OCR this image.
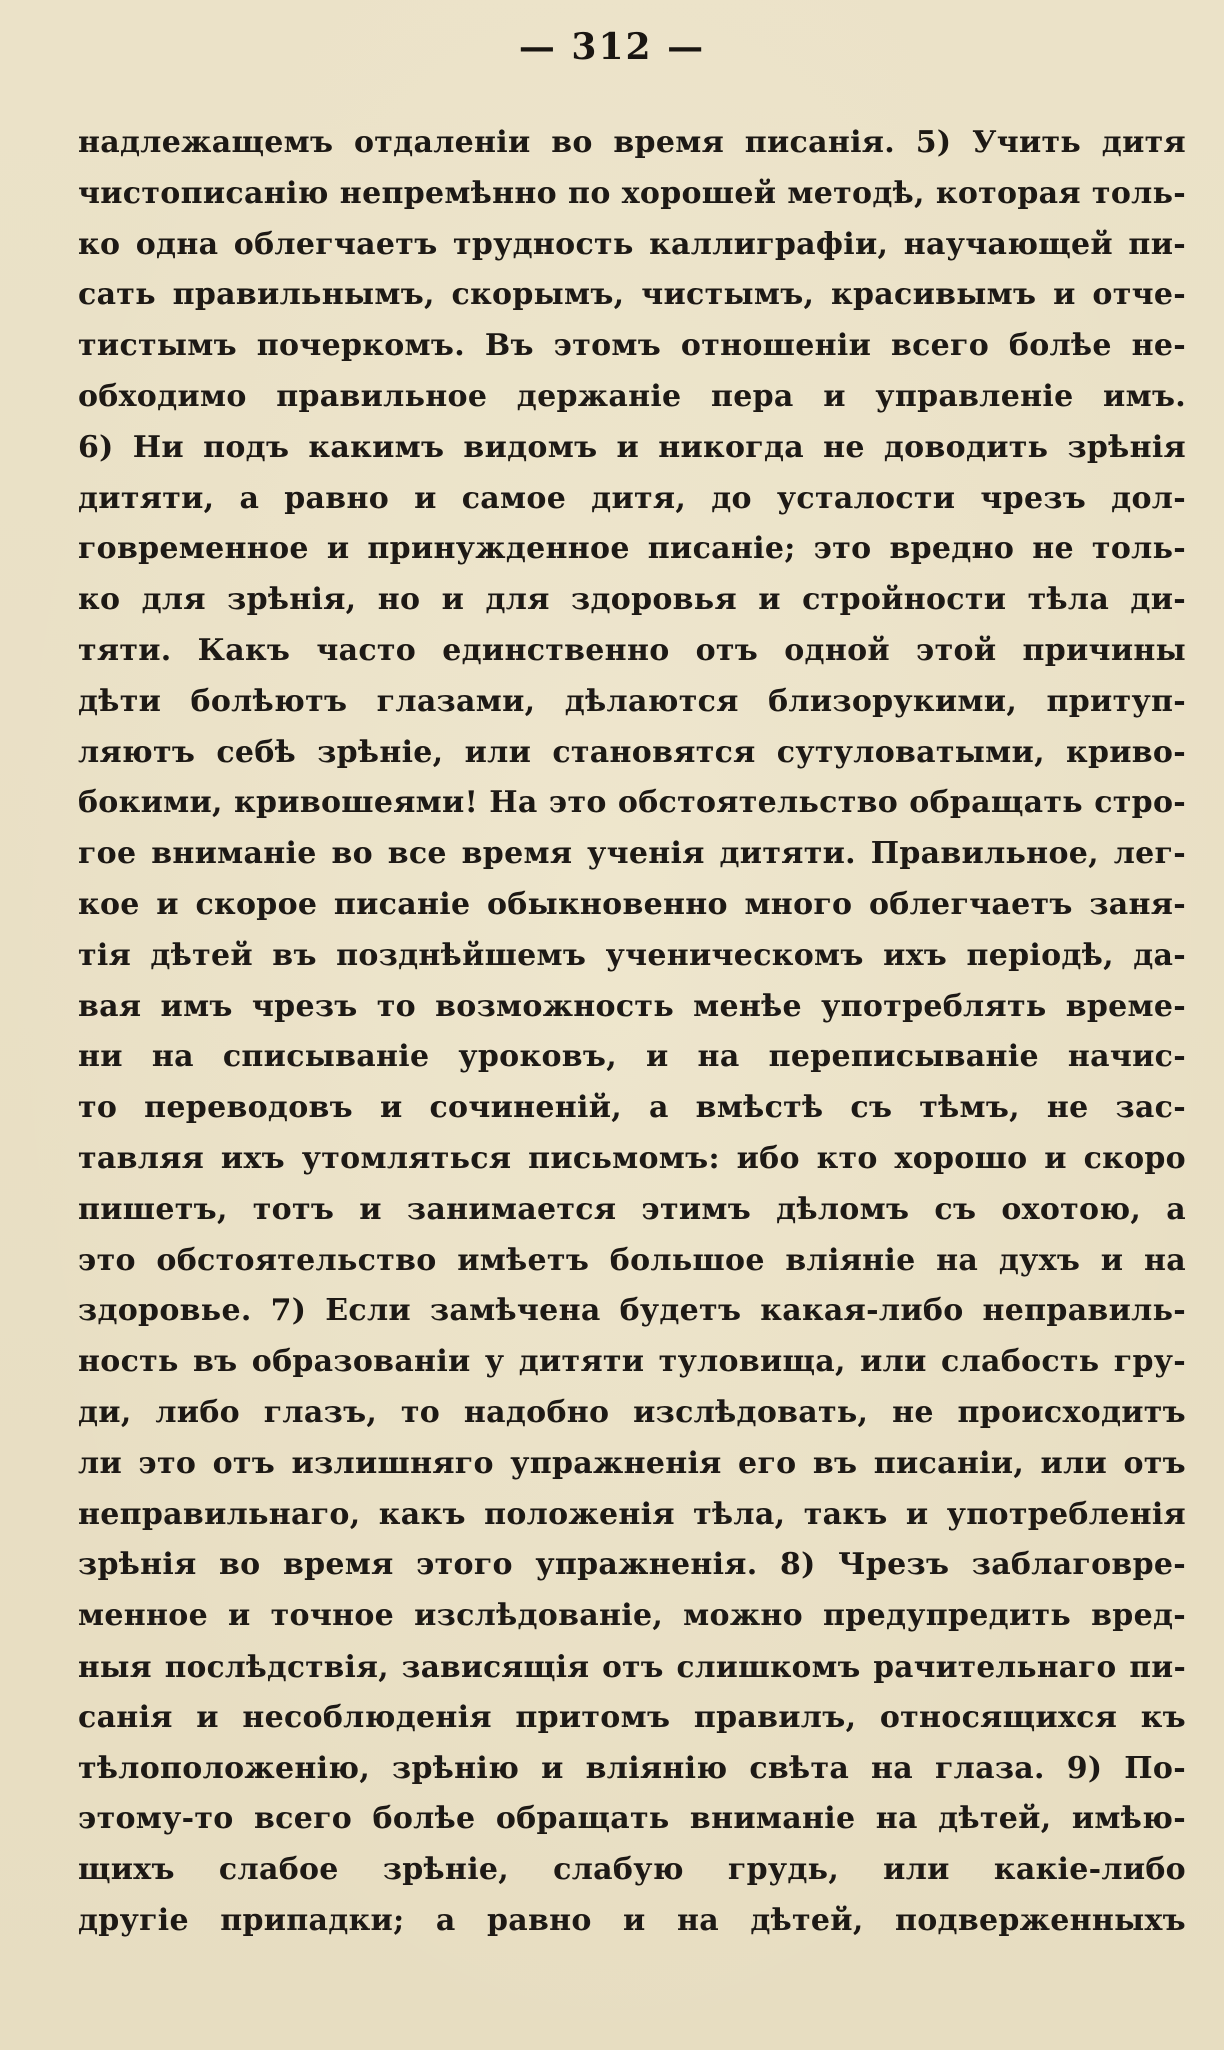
— 312 —
надлежащемъ отдаленіи во время писанія. 5) Учить дитя
чистописанію непремѣнно по хорошей методѣ, которая толь-
ко одна облегчаетъ трудность каллиграфіи, научающей пи-
сать правильнымъ, скорымъ, чистымъ, красивымъ и отче-
тистымъ почеркомъ. Въ этомъ отношеніи всего болѣе не-
обходимо правильное держаніе пера и управленіе имъ.
6) Ни подъ какимъ видомъ и никогда не доводить зрѣнія
дитяти, а равно и самое дитя, до усталости чрезъ дол-
говременное и принужденное писаніе; это вредно не толь-
ко для зрѣнія, но и для здоровья и стройности тѣла ди-
тяти. Какъ часто единственно отъ одной этой причины
дѣти болѣютъ глазами, дѣлаются близорукими, притуп-
ляютъ себѣ зрѣніе, или становятся сутуловатыми, криво-
бокими, кривошеями! На это обстоятельство обращать стро-
гое вниманіе во все время ученія дитяти. Правильное, лег-
кое и скорое писаніе обыкновенно много облегчаетъ заня-
тія дѣтей въ позднѣйшемъ ученическомъ ихъ періодѣ, да-
вая имъ чрезъ то возможность менѣе употреблять време-
ни на списываніе уроковъ, и на переписываніе начис-
то переводовъ и сочиненій, а вмѣстѣ съ тѣмъ, не зас-
тавляя ихъ утомляться письмомъ: ибо кто хорошо и скоро
пишетъ, тотъ и занимается этимъ дѣломъ съ охотою, а
это обстоятельство имѣетъ большое вліяніе на духъ и на
здоровье. 7) Если замѣчена будетъ какая-либо неправиль-
ность въ образованіи у дитяти туловища, или слабость гру-
ди, либо глазъ, то надобно изслѣдовать, не происходитъ
ли это отъ излишняго упражненія его въ писаніи, или отъ
неправильнаго, какъ положенія тѣла, такъ и употребленія
зрѣнія во время этого упражненія. 8) Чрезъ заблаговре-
менное и точное изслѣдованіе, можно предупредить вред-
ныя послѣдствія, зависящія отъ слишкомъ рачительнаго пи-
санія и несоблюденія притомъ правилъ, относящихся къ
тѣлоположенію, зрѣнію и вліянію свѣта на глаза. 9) По-
этому-то всего болѣе обращать вниманіе на дѣтей, имѣю-
щихъ слабое зрѣніе, слабую грудь, или какіе-либо
другіе припадки; а равно и на дѣтей, подверженныхъ
